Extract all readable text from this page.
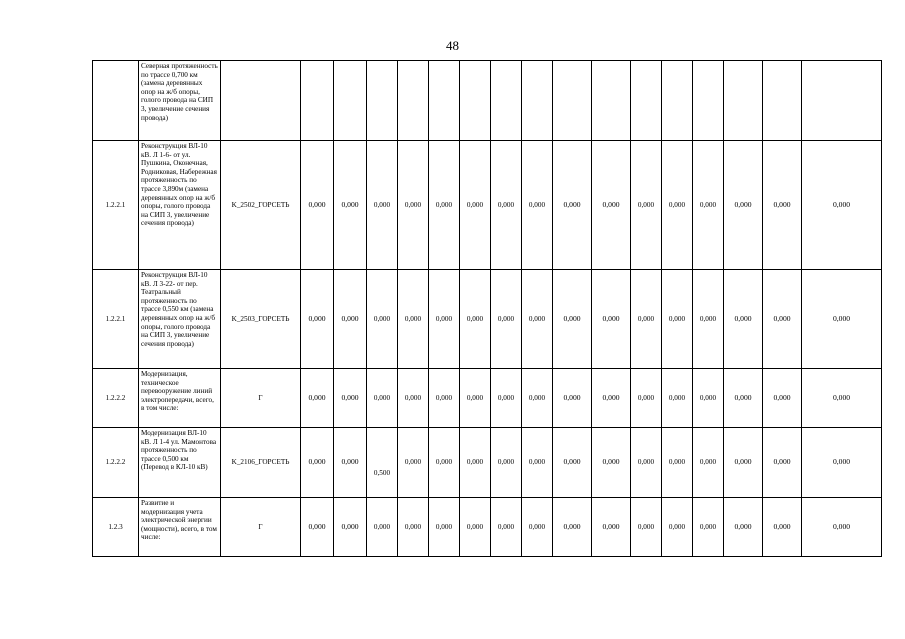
48
	Северная протяженность по трассе 0,700 км (замена деревянных опор на ж/б опоры, голого провода на СИП 3, увеличение сечения провода)																		
1.2.2.1	Реконструкция ВЛ-10 кВ. Л 1-6- от ул. Пушкина, Оконечная, Родниковая, Набережная протяженность по трассе 3,890м (замена деревянных опор на ж/б опоры, голого провода на СИП 3, увеличение сечения провода)	K_2502_ГОРСЕТЬ	0,000	0,000	0,000	0,000	0,000	0,000	0,000	0,000	0,000	0,000	0,000	0,000	0,000	0,000	0,000	0,000	
1.2.2.1	Реконструкция ВЛ-10 кВ. Л 3-22- от пер. Театральный протяженность по трассе 0,550 км (замена деревянных опор на ж/б опоры, голого провода на СИП 3, увеличение сечения провода)	K_2503_ГОРСЕТЬ	0,000	0,000	0,000	0,000	0,000	0,000	0,000	0,000	0,000	0,000	0,000	0,000	0,000	0,000	0,000	0,000	
1.2.2.2	Модернизация, техническое перевооружение линий электропередачи, всего, в том числе:	Г	0,000	0,000	0,000	0,000	0,000	0,000	0,000	0,000	0,000	0,000	0,000	0,000	0,000	0,000	0,000	0,000	
1.2.2.2	Модернизация ВЛ-10 кВ. Л 1-4 ул. Мамонтова протяженность по трассе 0,500 км (Перевод в КЛ-10 кВ)	K_2106_ГОРСЕТЬ	0,000	0,000	0,500	0,000	0,000	0,000	0,000	0,000	0,000	0,000	0,000	0,000	0,000	0,000	0,000	0,000	
1.2.3	Развитие и модернизация учета электрической энергии (мощности), всего, в том числе:	Г	0,000	0,000	0,000	0,000	0,000	0,000	0,000	0,000	0,000	0,000	0,000	0,000	0,000	0,000	0,000	0,000	
